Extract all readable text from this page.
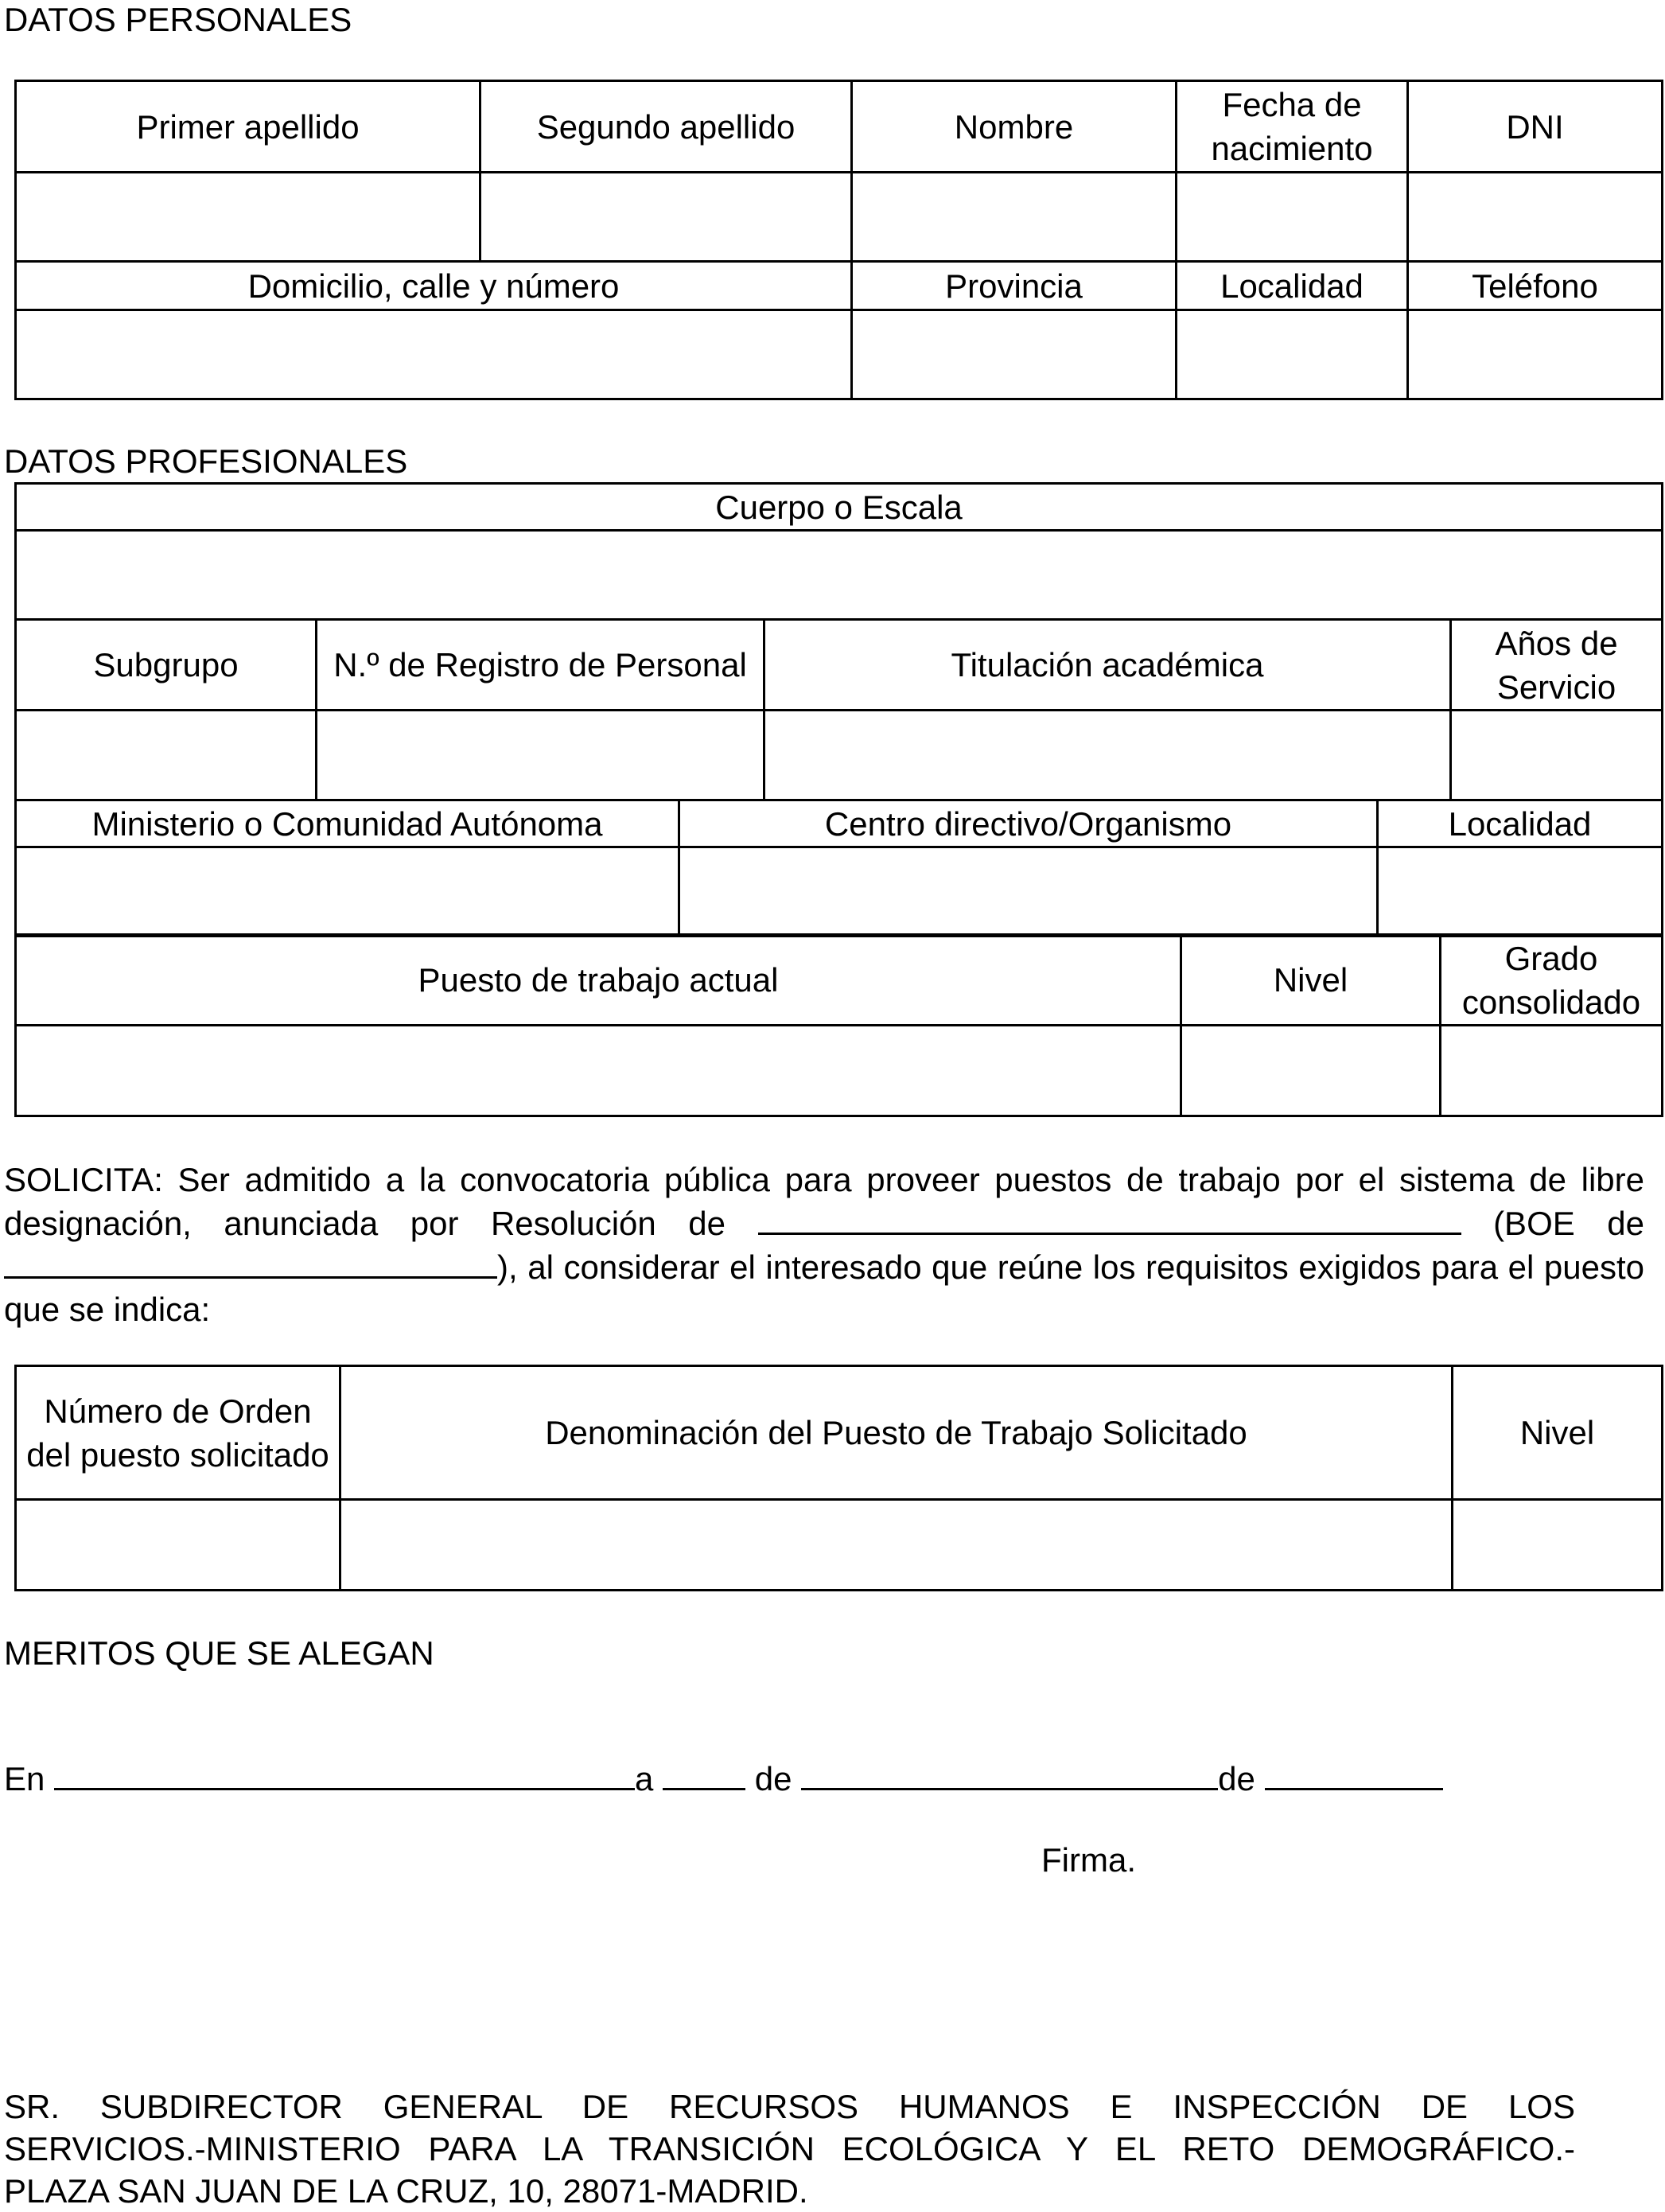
DATOS PERSONALES
Primer apellido	Segundo apellido	Nombre	Fecha de nacimiento	DNI

Domicilio, calle y número		Provincia	Localidad	Teléfono

DATOS PROFESIONALES
Cuerpo o Escala			

Subgrupo	N.º de Registro de Personal	Titulación académica	Años de Servicio

Ministerio o Comunidad Autónoma	Centro directivo/Organismo	Localidad

Puesto de trabajo actual	Nivel	Grado consolidado

SOLICITA: Ser admitido a la convocatoria pública para proveer puestos de trabajo por el sistema de libre designación, anunciada por Resolución de	(BOE de ), al considerar el interesado que reúne los requisitos exigidos para el puesto que se indica:
Número de Orden del puesto solicitado	Denominación del Puesto de Trabajo Solicitado	Nivel

MERITOS QUE SE ALEGAN
En	a	de	de
Firma.
SR. SUBDIRECTOR GENERAL DE RECURSOS HUMANOS E INSPECCIÓN DE LOS
SERVICIOS.-MINISTERIO PARA LA TRANSICIÓN ECOLÓGICA Y EL RETO DEMOGRÁFICO.-
PLAZA SAN JUAN DE LA CRUZ, 10, 28071-MADRID.
